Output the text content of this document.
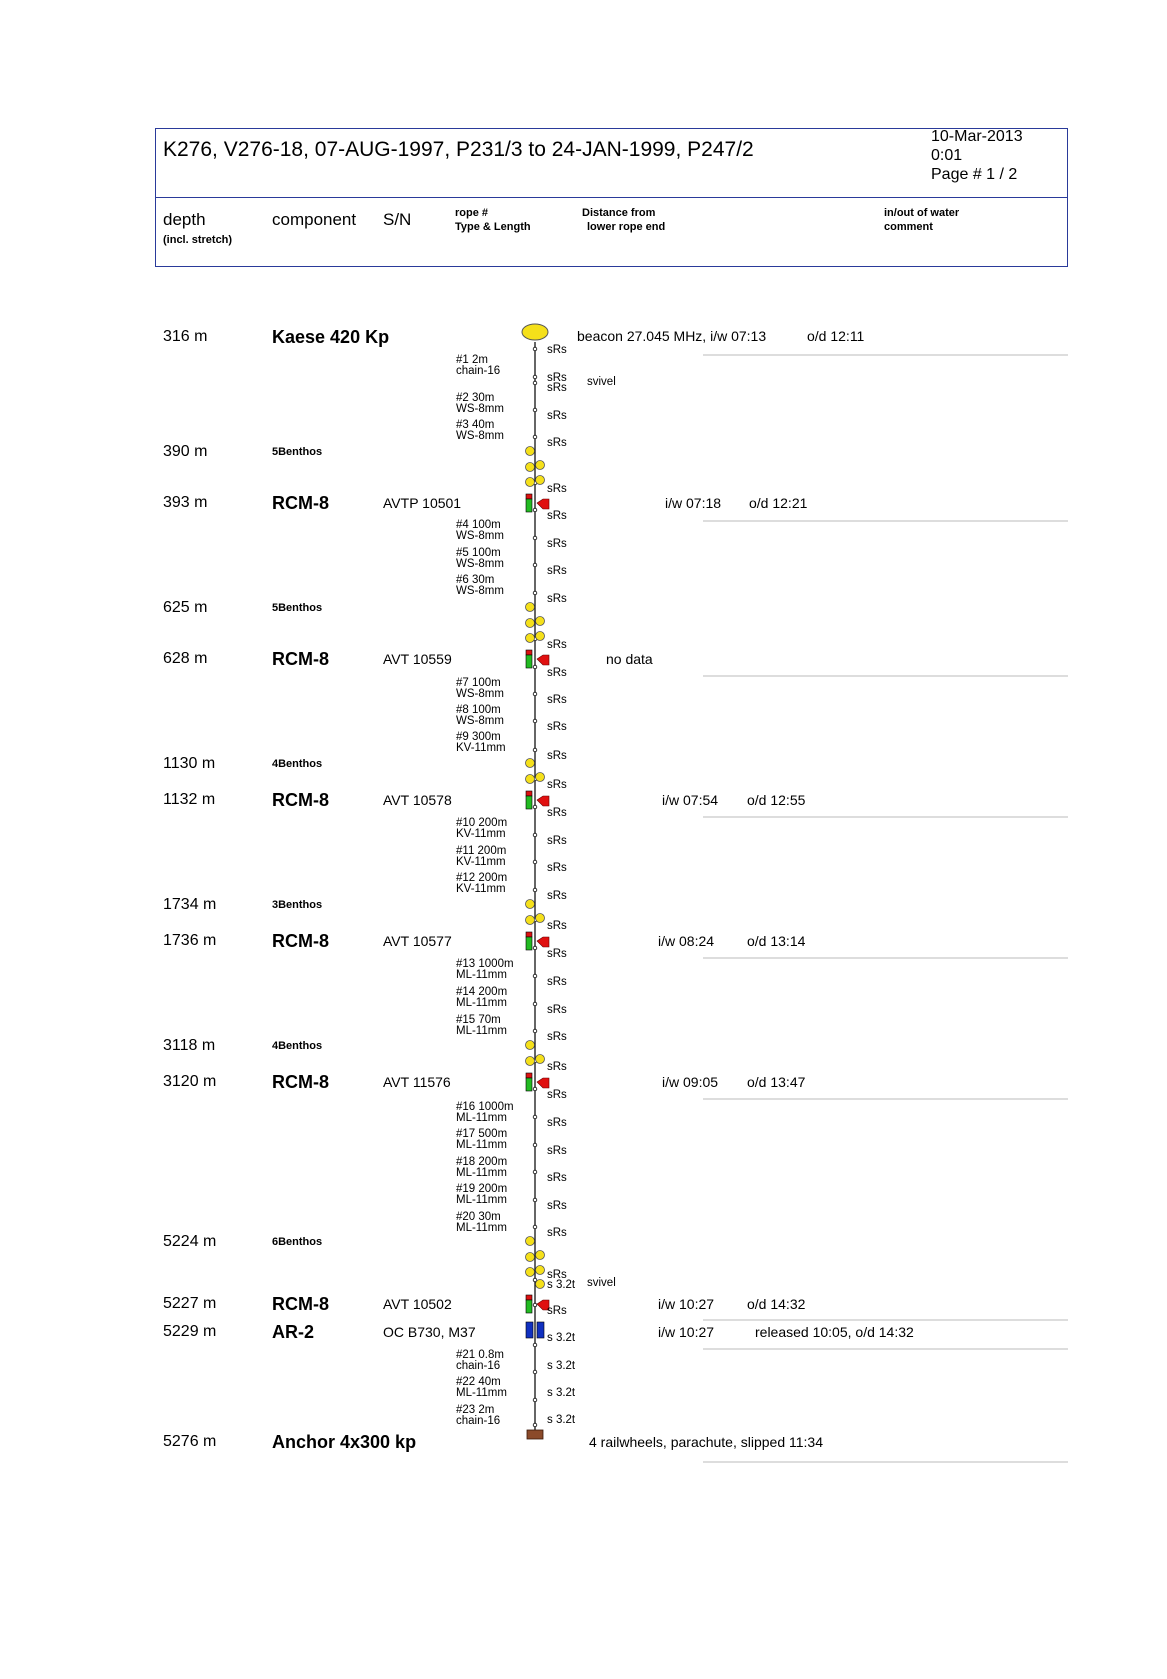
K276, V276-18, 07-AUG-1997, P231/3 to 24-JAN-1999, P247/2
10-Mar-2013
0:01
Page # 1 / 2
depth
(incl. stretch)
component S/N	rope #
Type & Length
Distance from
lower rope end
in/out of water
comment
316 m	Kaese 420 Kp	beacon 27.045 MHz, i/w 07:13	o/d 12:11
390 m	5Benthos
393 m	RCM-8	AVTP 10501	i/w 07:18 o/d 12:21
625 m	5Benthos
628 m	RCM-8	AVT 10559	no data
1130 m	4Benthos
1132 m	RCM-8	AVT 10578	i/w 07:54 o/d 12:55
1734 m	3Benthos
1736 m	RCM-8	AVT 10577	i/w 08:24 o/d 13:14
3118 m	4Benthos
3120 m	RCM-8	AVT 11576	i/w 09:05 o/d 13:47
5224 m	6Benthos
5227 m	RCM-8	AVT 10502	i/w 10:27 o/d 14:32
5229 m	AR-2	OC B730, M37	i/w 10:27	released 10:05, o/d 14:32
5276 m	Anchor 4x300 kp	4 railwheels, parachute, slipped 11:34
#1 2m
chain-16
#2 30m
WS-8mm
#3 40m
WS-8mm
#4 100m
WS-8mm
#5 100m
WS-8mm
#6 30m
WS-8mm
#7 100m
WS-8mm
#8 100m
WS-8mm
#9 300m
KV-11mm
#10 200m
KV-11mm
#11 200m
KV-11mm
#12 200m
KV-11mm
#13 1000m
ML-11mm
#14 200m
ML-11mm
#15 70m
ML-11mm
#16 1000m
ML-11mm
#17 500m
ML-11mm
#18 200m
ML-11mm
#19 200m
ML-11mm
#20 30m
ML-11mm
#21 0.8m
chain-16
#22 40m
ML-11mm
#23 2m
chain-16
sRs
sRs
sRs
sRs
sRs
sRs
sRs
sRs
sRs
sRs
sRs
sRs
sRs
sRs
sRs
sRs
sRs
sRs
sRs
sRs
sRs
sRs
sRs
sRs
sRs
sRs
sRs
sRs
sRs
sRs
sRs
sRs
sRs
sRs
s 3.2t
s 3.2t
s 3.2t
s 3.2t
s 3.2t
svivel
svivel
